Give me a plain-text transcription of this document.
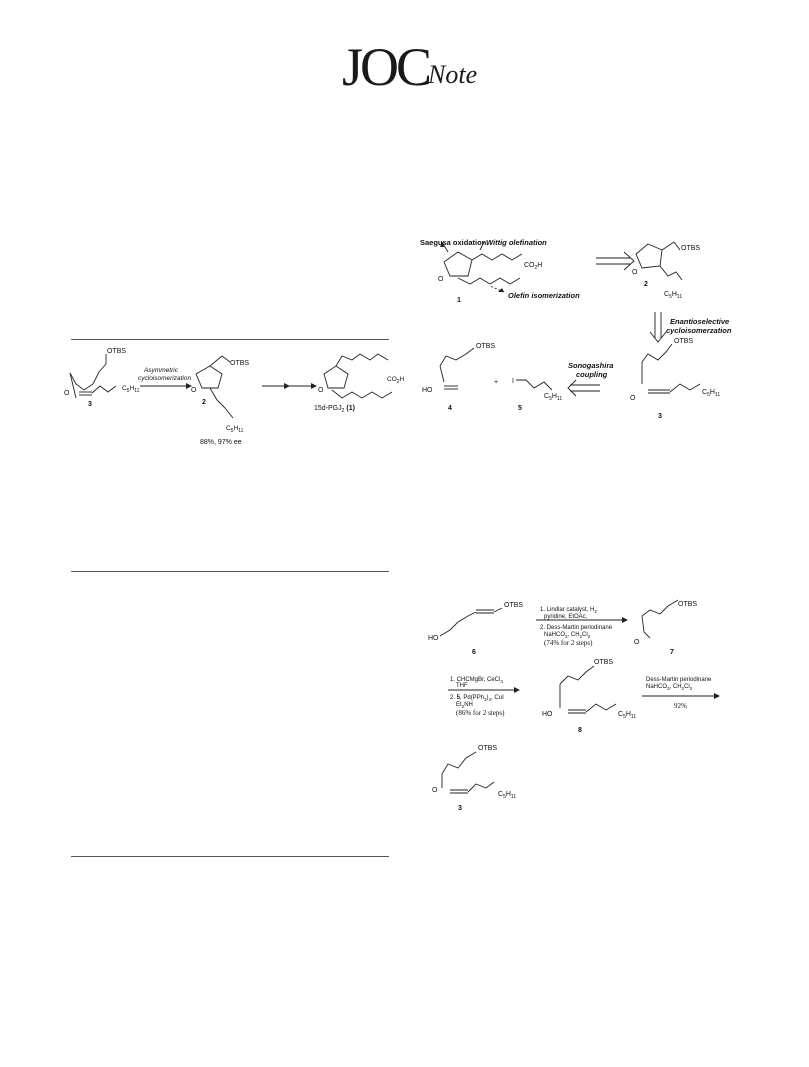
JOC
Note
OTBS
O
$C_5H_{11}$
3
Asymmetric
cycloisomerization
OTBS
O
2
$C_5H_{11}$
88%, 97% ee
O
$CO_2H$
$15d-PGJ_2$ (1)
Saegusa oxidation Wittig olefination
Olefin isomerization
$CO_2H$
O
1
OTBS
O
2
$C_5H_{11}$
Enantioselective
cycloisomerzation
OTBS
O
$C_5H_{11}$
3
Sonogashira
coupling
OTBS
HO
4
+ I
$C_5H_{11}$
5
OTBS
HO
6
OTBS
O
7
1. Lindlar catalyst, $H_2$
pyridine, EtOAc,
2. Dess-Martin periodinane
NaHCO$_3$, $CH_2Cl_2$
(74% for 2 steps)
1. CHCMgBr, CeCl$_3$
THF
2. 5, $Pd(PPh_3)_4$, CuI
$Et_2NH$
(86% for 2 steps)
OTBS
HO	$C_5H_{11}$
8
Dess-Martin periodinane
NaHCO$_3$, $CH_2Cl_2$
92%
OTBS
O
$C_5H_{11}$
3
